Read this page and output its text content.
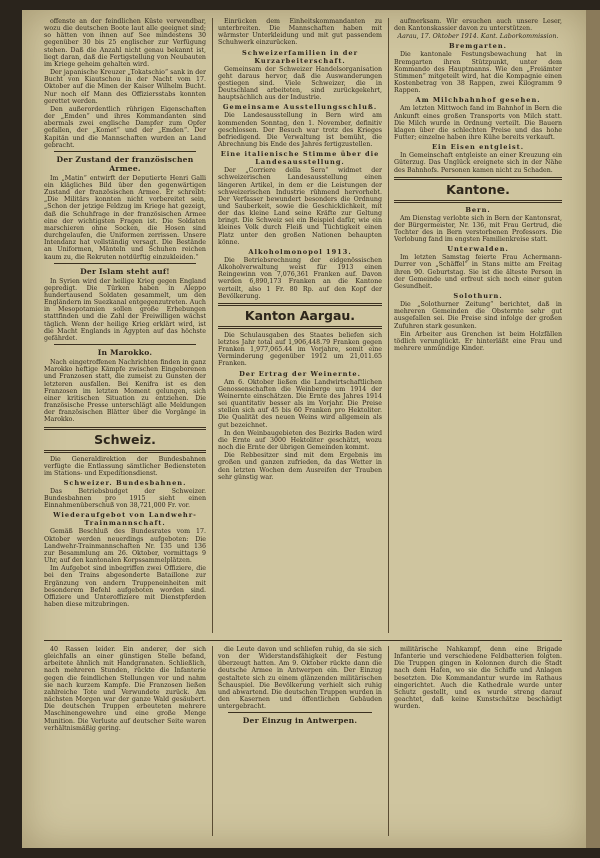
offenste an der feindlichen Küste verwendbar, wozu die deutschen Boote laut alle geeignet sind; so hätten von ihnen auf See mindestens 30 gegenüber 30 bis 25 englischer zur Verfügung stehen. Daß die Anzahl nicht genau bekannt ist, liegt daran, daß die Fertigstellung von Neubauten im Kriege geheim gehalten wird.

Der japanische Kreuzer „Tokatschio“ sank in der Bucht von Kiautschou in der Nacht vom 17. Oktober auf die Minen der Kaiser Wilhelm Bucht. Nur noch elf Mann des Offiziersstabs konnten gerettet werden.

Den außerordentlich rührigen Eigenschaften der „Emden“ und ihres Kommandanten sind abermals zwei englische Dampfer zum Opfer gefallen, der „Komet“ und der „Emden“. Der Kapitän und die Mannschaften wurden an Land gebracht.

Der Zustand der französischen Armee.

Im „Matin“ entwirft der Deputierte Henri Galli ein klägliches Bild über den gegenwärtigen Zustand der französischen Armee. Er schreibt: „Die Militärs konnten nicht vorbereitet sein, „Schon der jetzige Feldzug im Kriege hat gezeigt, daß die Schuhfrage in der französischen Armee eine der wichtigsten Fragen ist. Die Soldaten marschieren ohne Socken, die Hosen sind durchgelaufen, die Uniformen zerrissen. Unsere Intendanz hat vollständig versagt. Die Bestände an Uniformen, Mänteln und Schuhen reichen kaum zu, die Rekruten notdürftig einzukleiden.“

Der Islam steht auf!

In Syrien wird der heilige Krieg gegen England gepredigt. Die Türken haben in Aleppo hundertausend Soldaten gesammelt, um den Engländern im Suezkanal entgegenzutreten. Auch in Mesopotamien sollen große Erhebungen stattfinden und die Zahl der Freiwilligen wächst täglich. Wenn der heilige Krieg erklärt wird, ist die Macht Englands in Ägypten auf das höchste gefährdet.

In Marokko.

Nach eingetroffenen Nachrichten finden in ganz Marokko heftige Kämpfe zwischen Eingeborenen und Franzosen statt, die zumeist zu Gunsten der letzteren ausfallen. Bei Kenifra ist es den Franzosen im letzten Moment gelungen, sich einer kritischen Situation zu entziehen. Die französische Presse unterschlägt alle Meldungen der französischen Blätter über die Vorgänge in Marokko.

Schweiz.

Die Generaldirektion der Bundesbahnen verfügte die Entlassung sämtlicher Bediensteten im Stations- und Expeditionsdienst.

Schweizer. Bundesbahnen.

Das Betriebsbudget der Schweizer. Bundesbahnen pro 1915 sieht einen Einnahmenüberschuß von 38,721,000 Fr. vor.

Wiederaufgebot von Landwehr-Trainmannschaft.

Gemäß Beschluß des Bundesrates vom 17. Oktober werden neuerdings aufgeboten: Die Landwehr-Trainmannschaften Nr. 135 und 136 zur Besammlung am 26. Oktober, vormittags 9 Uhr, auf den kantonalen Korpssammelplätzen.

Im Aufgebot sind inbegriffen zwei Offiziere, die bei den Trains abgesonderte Bataillone zur Ergänzung von andern Truppeneinheiten mit besonderem Befehl aufgeboten worden sind. Offiziere und Unteroffiziere mit Dienstpferden haben diese mitzubringen.

Einrücken dem Einheitskommandanten zu unterbreiten. Die Mannschaften haben mit wärmster Unterkleidung und mit gut passendem Schuhwerk einzurücken.

Schweizerfamilien in der Kurzarbeiterschaft.

Gemeinsam der Schweizer Handelsorganisation geht daraus hervor, daß die Auswanderungen gestiegen sind. Viele Schweizer, die in Deutschland arbeiteten, sind zurückgekehrt, hauptsächlich aus der Industrie.

Gemeinsame Ausstellungsschluß.

Die Landesausstellung in Bern wird am kommenden Sonntag, den 1. November, definitiv geschlossen. Der Besuch war trotz des Krieges befriedigend. Die Verwaltung ist bemüht, die Abrechnung bis Ende des Jahres fertigzustellen.

Eine italienische Stimme über die Landesausstellung.

Der „Corriere della Sera“ widmet der schweizerischen Landesausstellung einen längeren Artikel, in dem er die Leistungen der schweizerischen Industrie rühmend hervorhebt. Der Verfasser bewundert besonders die Ordnung und Sauberkeit, sowie die Geschicklichkeit, mit der das kleine Land seine Kräfte zur Geltung bringt. Die Schweiz sei ein Beispiel dafür, wie ein kleines Volk durch Fleiß und Tüchtigkeit einen Platz unter den großen Nationen behaupten könne.

Alkoholmonopol 1913.

Die Betriebsrechnung der eidgenössischen Alkoholverwaltung weist für 1913 einen Reingewinn von 7,076,361 Franken auf. Davon werden 6,890,173 Franken an die Kantone verteilt, also 1 Fr. 80 Rp. auf den Kopf der Bevölkerung.

Kanton Aargau.

Die Schulausgaben des Staates beliefen sich letztes Jahr total auf 1,906,448.79 Franken gegen Franken 1,977,065.44 im Vorjahre, somit eine Verminderung gegenüber 1912 um 21,011.65 Franken.

Der Ertrag der Weinernte.

Am 6. Oktober ließen die Landwirtschaftlichen Genossenschaften die Weinberge um 1914 der Weinernte einschätzen. Die Ernte des Jahres 1914 sei quantitativ besser als im Vorjahr. Die Preise stellen sich auf 45 bis 60 Franken pro Hektoliter. Die Qualität des neuen Weins wird allgemein als gut bezeichnet.

In den Weinbaugebieten des Bezirks Baden wird die Ernte auf 3000 Hektoliter geschätzt, wozu noch die Ernte der übrigen Gemeinden kommt.

Die Rebbesitzer sind mit dem Ergebnis im großen und ganzen zufrieden, da das Wetter in den letzten Wochen dem Ausreifen der Trauben sehr günstig war.

aufmerksam. Wir ersuchen auch unsere Leser, den Kantonskassier davon zu unterstützen.

Aarau, 17. Oktober 1914. Kant. Laborkommission.
Bremgarten.

Die kantonale Festungsbewachung hat in Bremgarten ihren Stützpunkt, unter dem Kommando des Hauptmanns. Wie den „Freiämter Stimmen“ mitgeteilt wird, hat die Kompagnie einen Kostenbetrag von 38 Rappen, zwei Kilogramm 9 Rappen.

Am Milchbahnhof gesehen.

Am letzten Mittwoch fand im Bahnhof in Bern die Ankunft eines großen Transports von Milch statt. Die Milch wurde in Ordnung verteilt. Die Bauern klagen über die schlechten Preise und das hohe Futter; einzelne haben ihre Kühe bereits verkauft.

Ein Eisen entgleist.

In Gemeinschaft entgleiste an einer Kreuzung ein Güterzug. Das Unglück ereignete sich in der Nähe des Bahnhofs. Personen kamen nicht zu Schaden.

Kantone.
Bern.

Am Dienstag verlobte sich in Bern der Kantonsrat, der Bürgermeister, Nr. 136, mit Frau Gertrud, die Tochter des in Bern verstorbenen Professors. Die Verlobung fand im engsten Familienkreise statt.

Unterwalden.

Im letzten Samstag feierte Frau Achermann-Durrer von „Schäffel“ in Stans mitte am Freitag ihren 90. Geburtstag. Sie ist die älteste Person in der Gemeinde und erfreut sich noch einer guten Gesundheit.

Solothurn.

Die „Solothurner Zeitung“ berichtet, daß in mehreren Gemeinden die Obsternte sehr gut ausgefallen sei. Die Preise sind infolge der großen Zufuhren stark gesunken.

Ein Arbeiter aus Grenchen ist beim Holzfällen tödlich verunglückt. Er hinterläßt eine Frau und mehrere unmündige Kinder.

40 Rassen leider. Ein anderer, der sich gleichfalls an einer günstigen Stelle befand, arbeitete ähnlich mit Handgranaten. Schließlich, nach mehreren Stunden, rückte die Infanterie gegen die feindlichen Stellungen vor und nahm sie nach kurzem Kampfe. Die Franzosen ließen zahlreiche Tote und Verwundete zurück. Am nächsten Morgen war der ganze Wald gesäubert. Die deutschen Truppen erbeuteten mehrere Maschinengewehre und eine große Menge Munition. Die Verluste auf deutscher Seite waren verhältnismäßig gering.

die Leute davon und schliefen ruhig, da sie sich von der Widerstandsfähigkeit der Festung überzeugt hatten. Am 9. Oktober rückte dann die deutsche Armee in Antwerpen ein. Der Einzug gestaltete sich zu einem glänzenden militärischen Schauspiel. Die Bevölkerung verhielt sich ruhig und abwartend. Die deutschen Truppen wurden in den Kasernen und öffentlichen Gebäuden untergebracht.

Der Einzug in Antwerpen.

militärische Nahkampf, denn eine Brigade Infanterie und verschiedene Feldbatterien folgten. Die Truppen gingen in Kolonnen durch die Stadt nach dem Hafen, wo sie die Schiffe und Anlagen besetzten. Die Kommandantur wurde im Rathaus eingerichtet. Auch die Kathedrale wurde unter Schutz gestellt, und es wurde streng darauf geachtet, daß keine Kunstschätze beschädigt wurden.
